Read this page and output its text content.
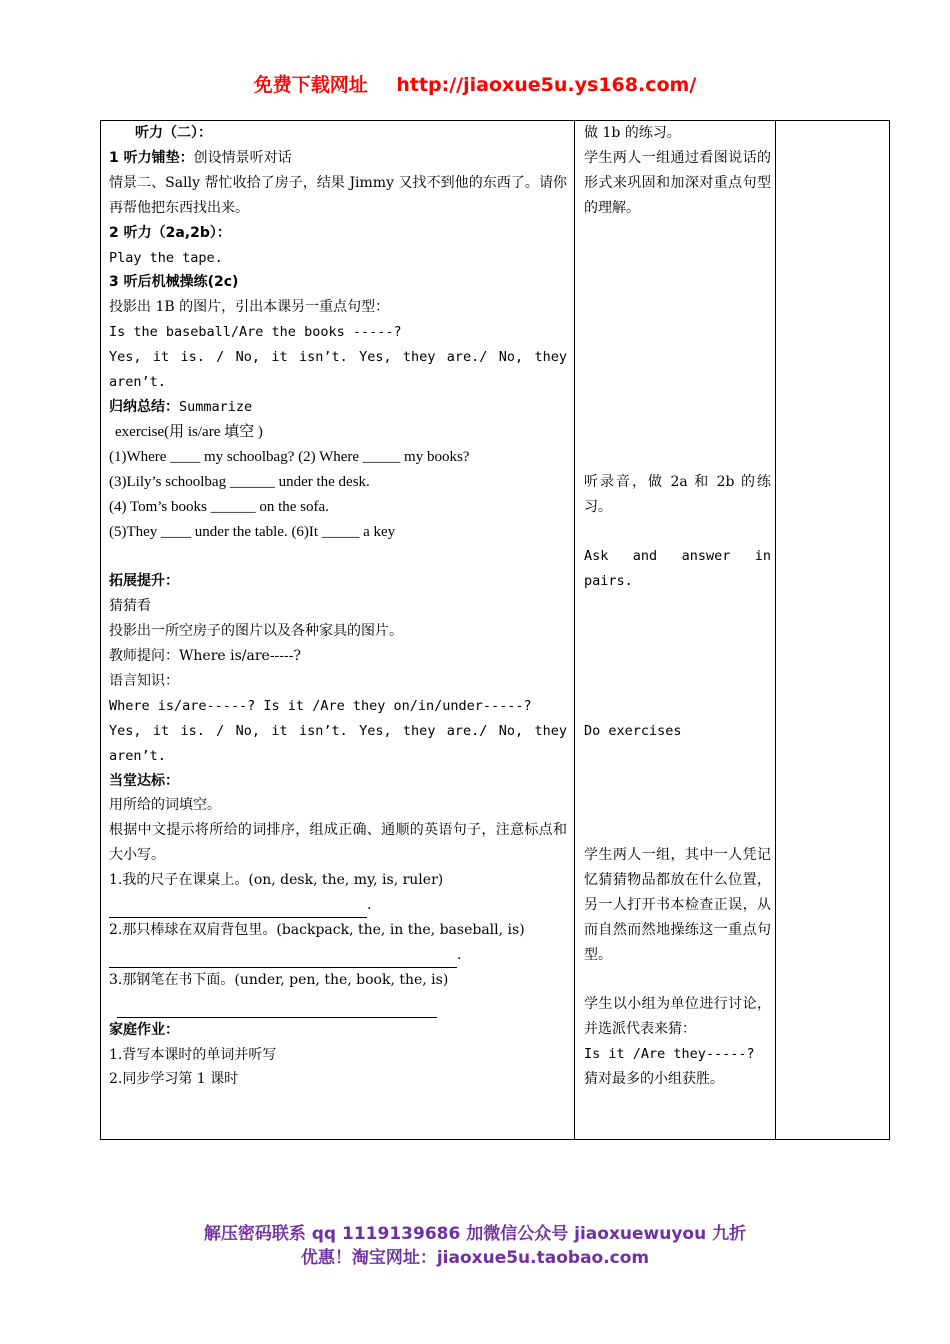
免费下载网址 http://jiaoxue5u.ys168.com/

听力（二）：

1 听力铺垫：创设情景听对话

情景二、Sally 帮忙收拾了房子，结果 Jimmy 又找不到他的东西了。请你再帮他把东西找出来。

2 听力（2a,2b）：

Play the tape.

3 听后机械操练(2c)

投影出 1B 的图片，引出本课另一重点句型：

Is the baseball/Are the books -----?

Yes, it is. / No, it isn’t. Yes, they are./ No, they aren’t.

归纳总结：Summarize

exercise(用 is/are 填空 )

(1)Where ____ my schoolbag? (2) Where _____ my books?

(3)Lily’s schoolbag ______ under the desk.

(4) Tom’s books ______ on the sofa.

(5)They ____ under the table. (6)It _____ a key

拓展提升：

猜猜看

投影出一所空房子的图片以及各种家具的图片。

教师提问：Where is/are-----?

语言知识：

Where is/are-----? Is it /Are they on/in/under-----?

Yes, it is. / No, it isn’t. Yes, they are./ No, they aren’t.

当堂达标：

用所给的词填空。

根据中文提示将所给的词排序，组成正确、通顺的英语句子，注意标点和大小写。

1.我的尺子在课桌上。(on, desk, the, my, is, ruler)

.

2.那只棒球在双肩背包里。(backpack, the, in the, baseball, is)

.

3.那钢笔在书下面。(under, pen, the, book, the, is)

家庭作业：

1.背写本课时的单词并听写

2.同步学习第 1 课时

做 1b 的练习。

学生两人一组通过看图说话的形式来巩固和加深对重点句型的理解。

听录音，做 2a 和 2b 的练习。

Ask and answer in pairs.

Do exercises

学生两人一组，其中一人凭记忆猜猜物品都放在什么位置，另一人打开书本检查正误，从而自然而然地操练这一重点句型。

学生以小组为单位进行讨论，并选派代表来猜：

Is it /Are they-----?

猜对最多的小组获胜。

解压密码联系 qq 1119139686 加微信公众号 jiaoxuewuyou 九折
优惠！淘宝网址：jiaoxue5u.taobao.com
